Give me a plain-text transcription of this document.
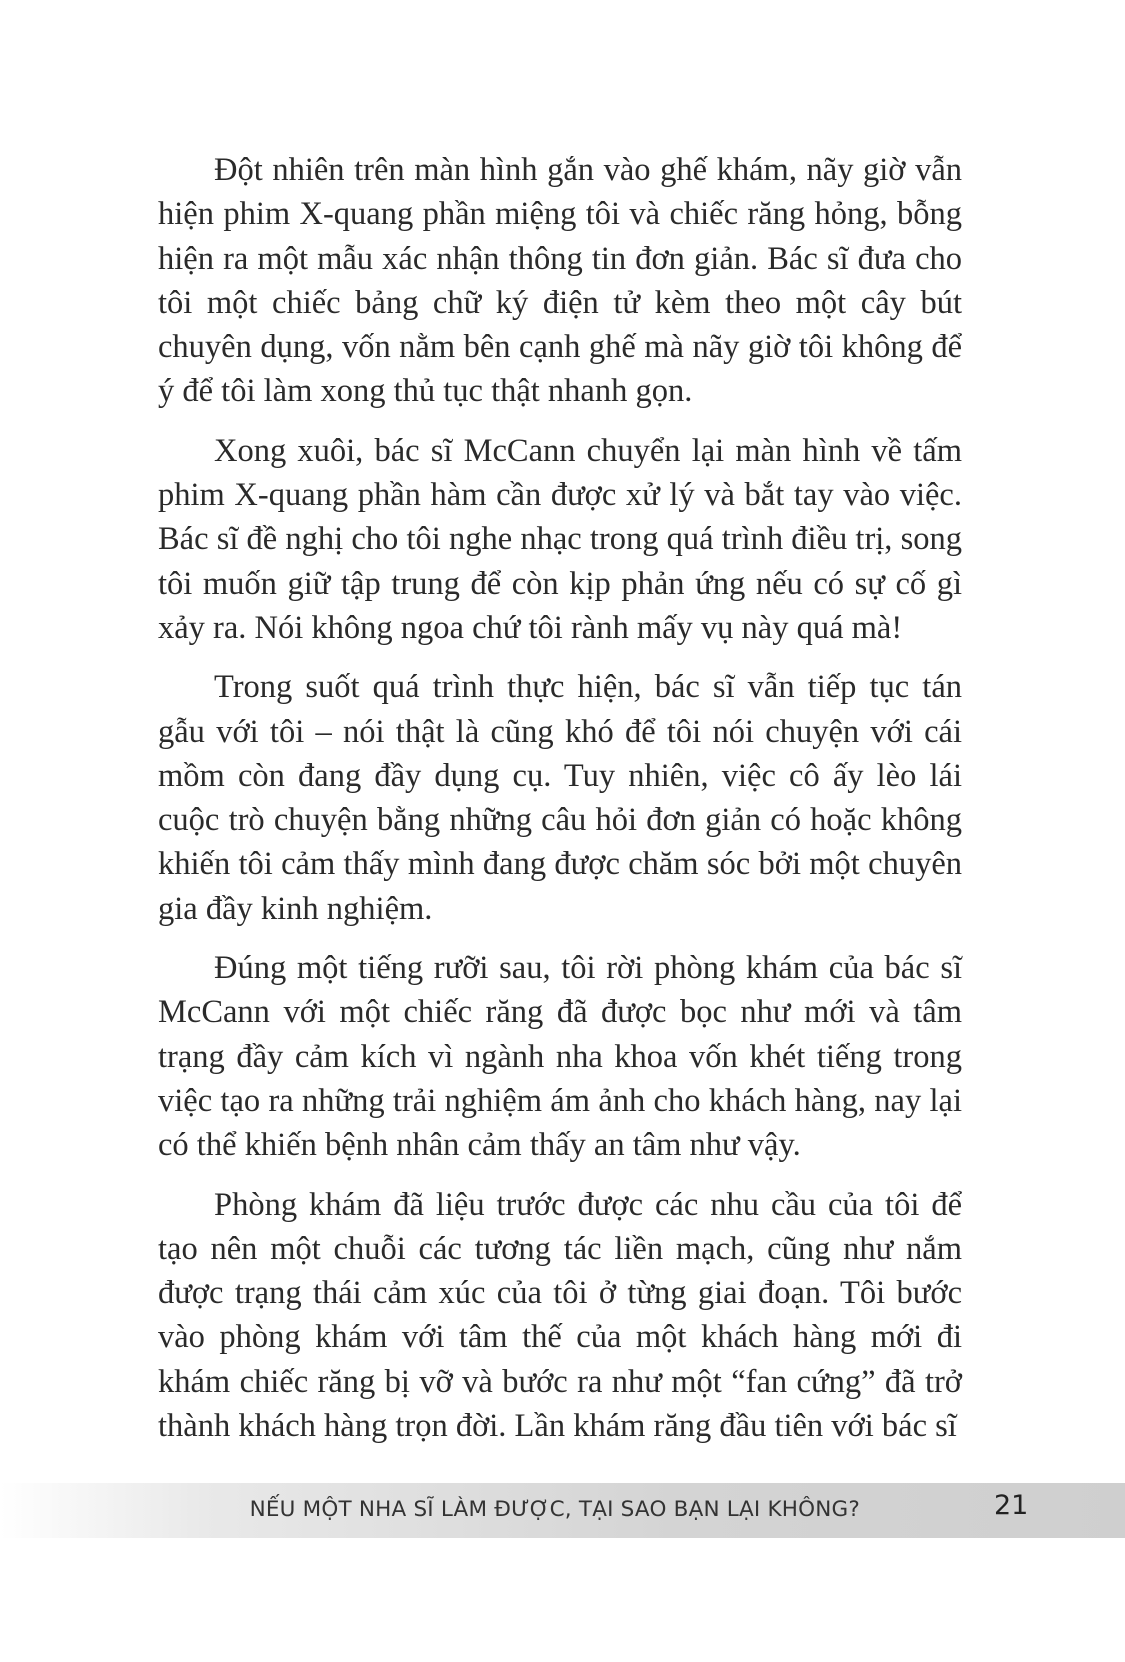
Đột nhiên trên màn hình gắn vào ghế khám, nãy giờ vẫn hiện phim X-quang phần miệng tôi và chiếc răng hỏng, bỗng hiện ra một mẫu xác nhận thông tin đơn giản. Bác sĩ đưa cho tôi một chiếc bảng chữ ký điện tử kèm theo một cây bút chuyên dụng, vốn nằm bên cạnh ghế mà nãy giờ tôi không để ý để tôi làm xong thủ tục thật nhanh gọn.

Xong xuôi, bác sĩ McCann chuyển lại màn hình về tấm phim X-quang phần hàm cần được xử lý và bắt tay vào việc. Bác sĩ đề nghị cho tôi nghe nhạc trong quá trình điều trị, song tôi muốn giữ tập trung để còn kịp phản ứng nếu có sự cố gì xảy ra. Nói không ngoa chứ tôi rành mấy vụ này quá mà!

Trong suốt quá trình thực hiện, bác sĩ vẫn tiếp tục tán gẫu với tôi – nói thật là cũng khó để tôi nói chuyện với cái mồm còn đang đầy dụng cụ. Tuy nhiên, việc cô ấy lèo lái cuộc trò chuyện bằng những câu hỏi đơn giản có hoặc không khiến tôi cảm thấy mình đang được chăm sóc bởi một chuyên gia đầy kinh nghiệm.

Đúng một tiếng rưỡi sau, tôi rời phòng khám của bác sĩ McCann với một chiếc răng đã được bọc như mới và tâm trạng đầy cảm kích vì ngành nha khoa vốn khét tiếng trong việc tạo ra những trải nghiệm ám ảnh cho khách hàng, nay lại có thể khiến bệnh nhân cảm thấy an tâm như vậy.

Phòng khám đã liệu trước được các nhu cầu của tôi để tạo nên một chuỗi các tương tác liền mạch, cũng như nắm được trạng thái cảm xúc của tôi ở từng giai đoạn. Tôi bước vào phòng khám với tâm thế của một khách hàng mới đi khám chiếc răng bị vỡ và bước ra như một “fan cứng” đã trở thành khách hàng trọn đời. Lần khám răng đầu tiên với bác sĩ

NẾU MỘT NHA SĨ LÀM ĐƯỢC, TẠI SAO BẠN LẠI KHÔNG?	21
